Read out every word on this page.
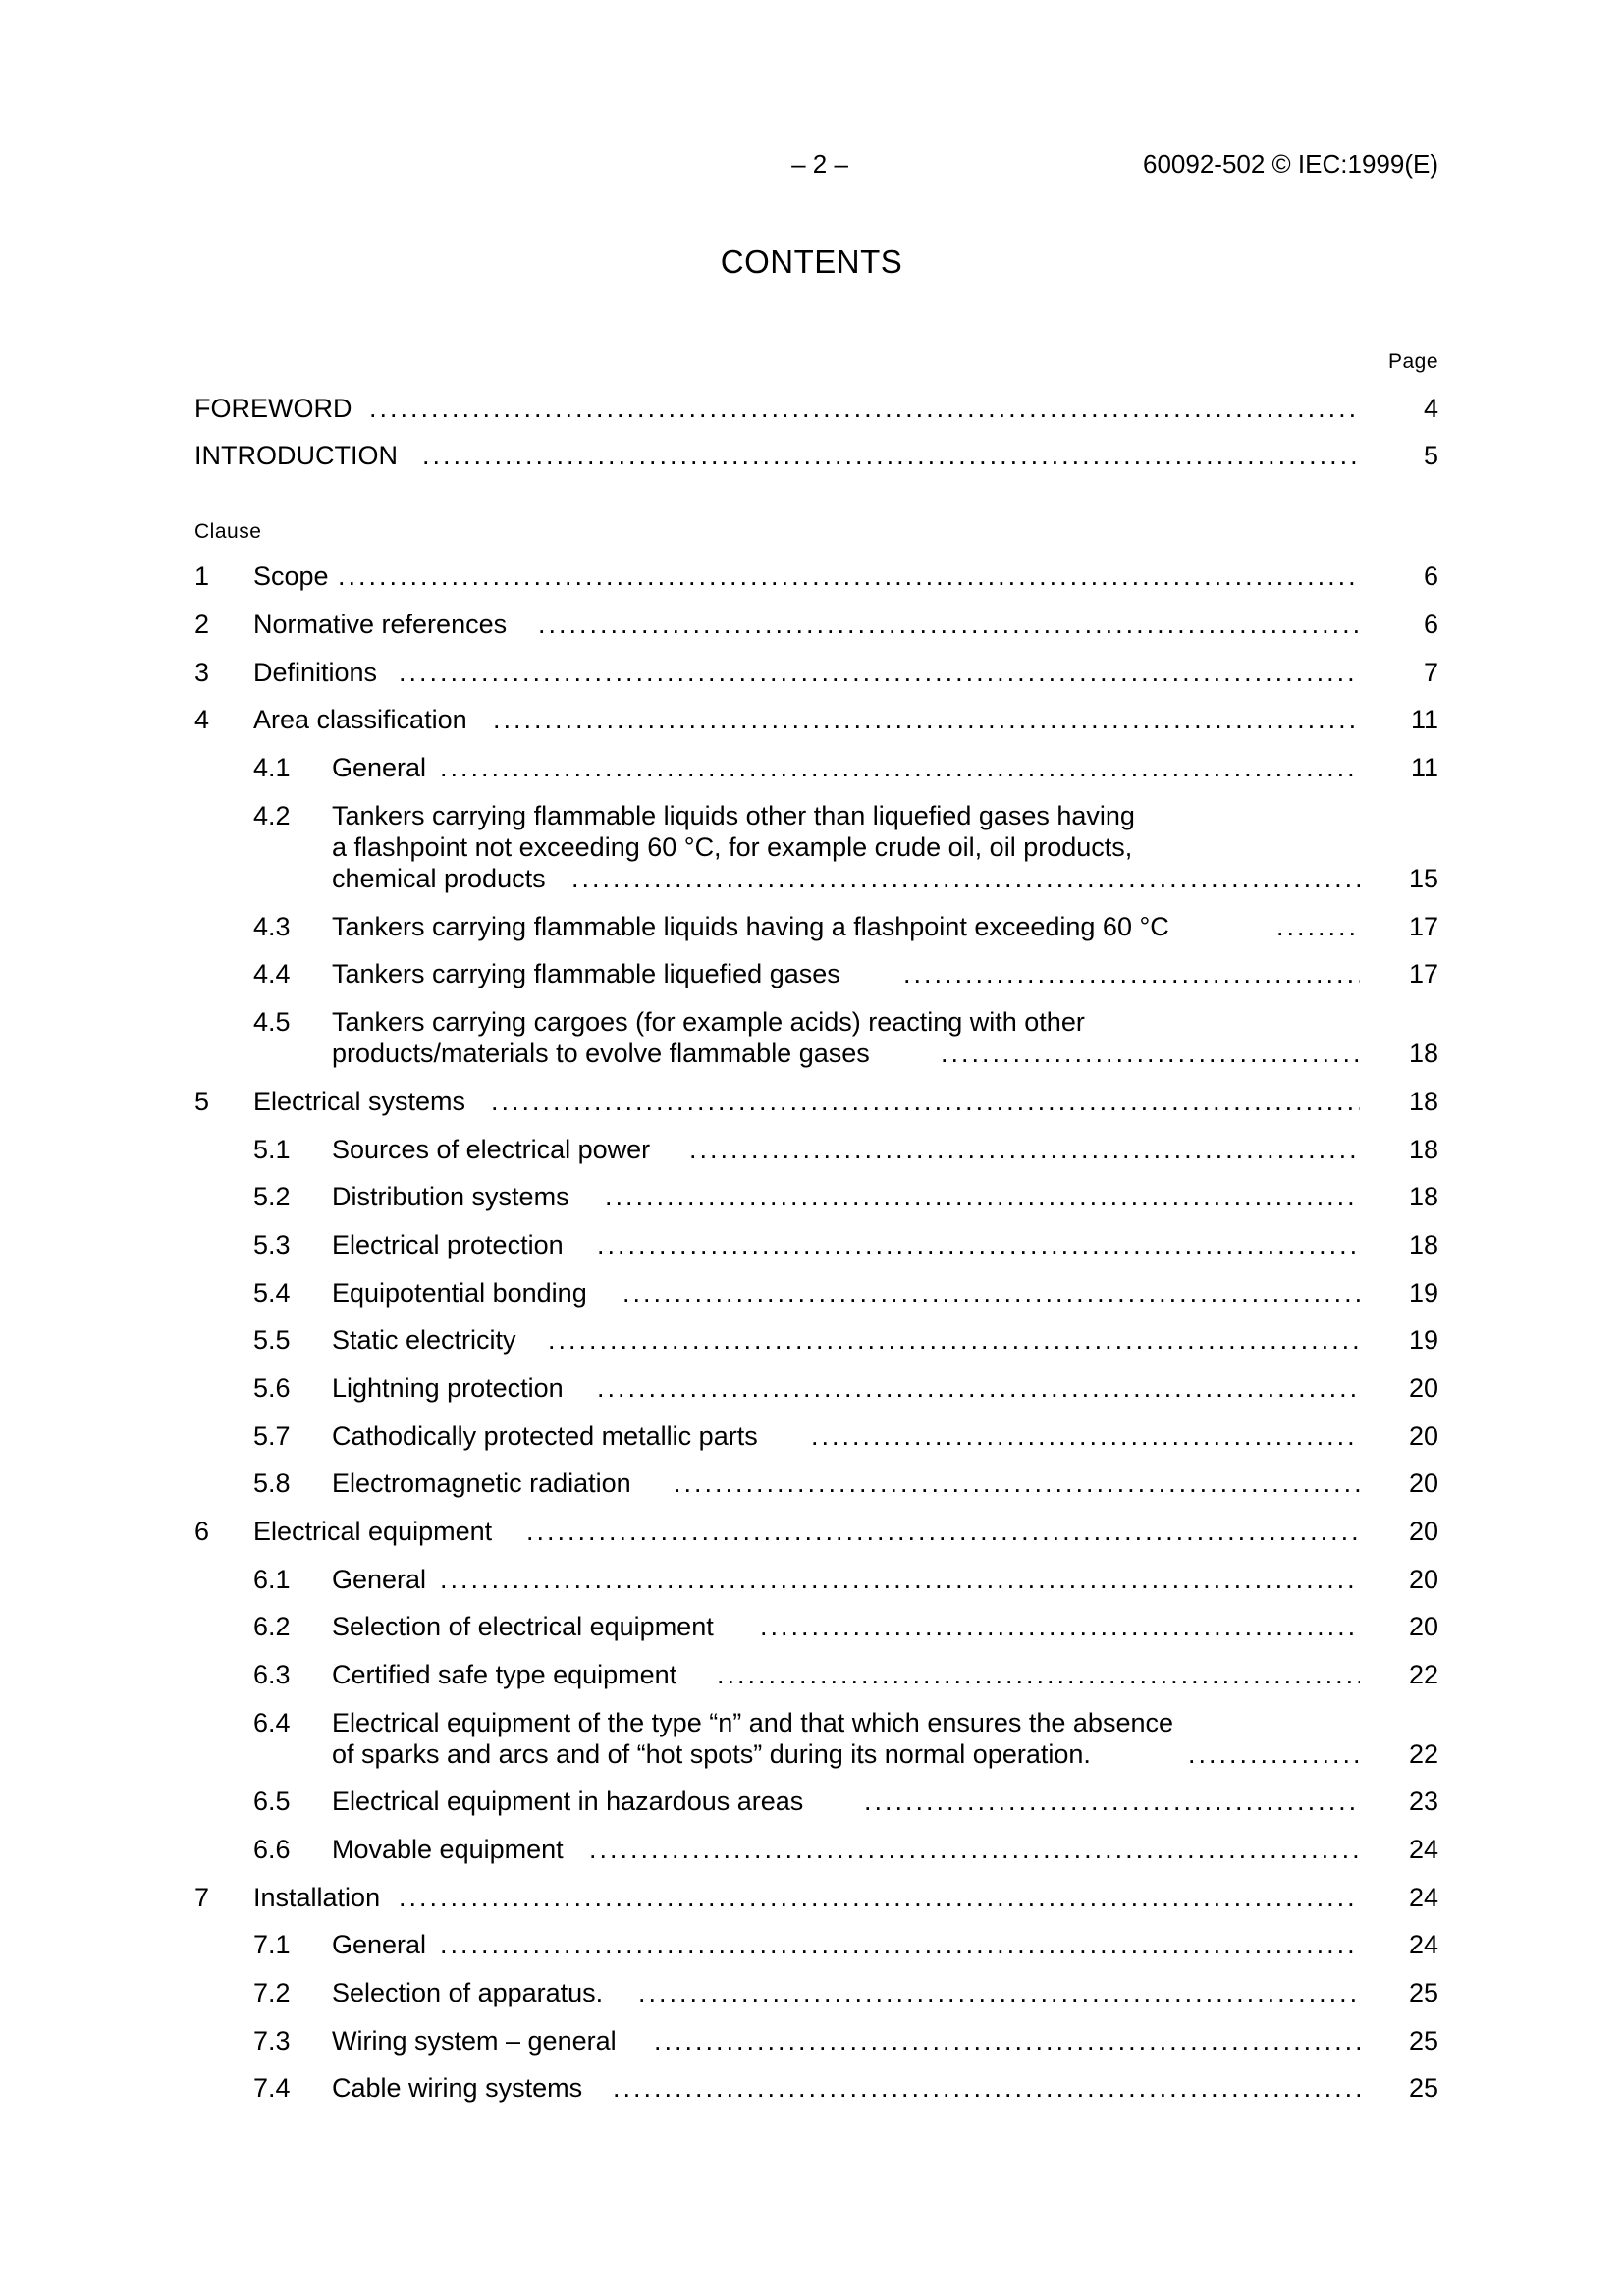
– 2 –	60092-502 © IEC:1999(E)
CONTENTS
Page
FOREWORD .....	4
INTRODUCTION .....	5
Clause
1 Scope .....	6
2 Normative references .....	6
3 Definitions .....	7
4 Area classification .....	11
4.1 General .....	11
4.2 Tankers carrying flammable liquids other than liquefied gases having
a flashpoint not exceeding 60 °C, for example crude oil, oil products,
chemical products .....	15
4.3 Tankers carrying flammable liquids having a flashpoint exceeding 60 °C .....	17
4.4 Tankers carrying flammable liquefied gases .....	17
4.5 Tankers carrying cargoes (for example acids) reacting with other
products/materials to evolve flammable gases .....	18
5 Electrical systems .....	18
5.1 Sources of electrical power .....	18
5.2 Distribution systems .....	18
5.3 Electrical protection .....	18
5.4 Equipotential bonding .....	19
5.5 Static electricity .....	19
5.6 Lightning protection .....	20
5.7 Cathodically protected metallic parts .....	20
5.8 Electromagnetic radiation .....	20
6 Electrical equipment .....	20
6.1 General .....	20
6.2 Selection of electrical equipment .....	20
6.3 Certified safe type equipment .....	22
6.4 Electrical equipment of the type “n” and that which ensures the absence
of sparks and arcs and of “hot spots” during its normal operation. .....	22
6.5 Electrical equipment in hazardous areas .....	23
6.6 Movable equipment .....	24
7 Installation .....	24
7.1 General .....	24
7.2 Selection of apparatus. .....	25
7.3 Wiring system – general .....	25
7.4 Cable wiring systems .....	25
